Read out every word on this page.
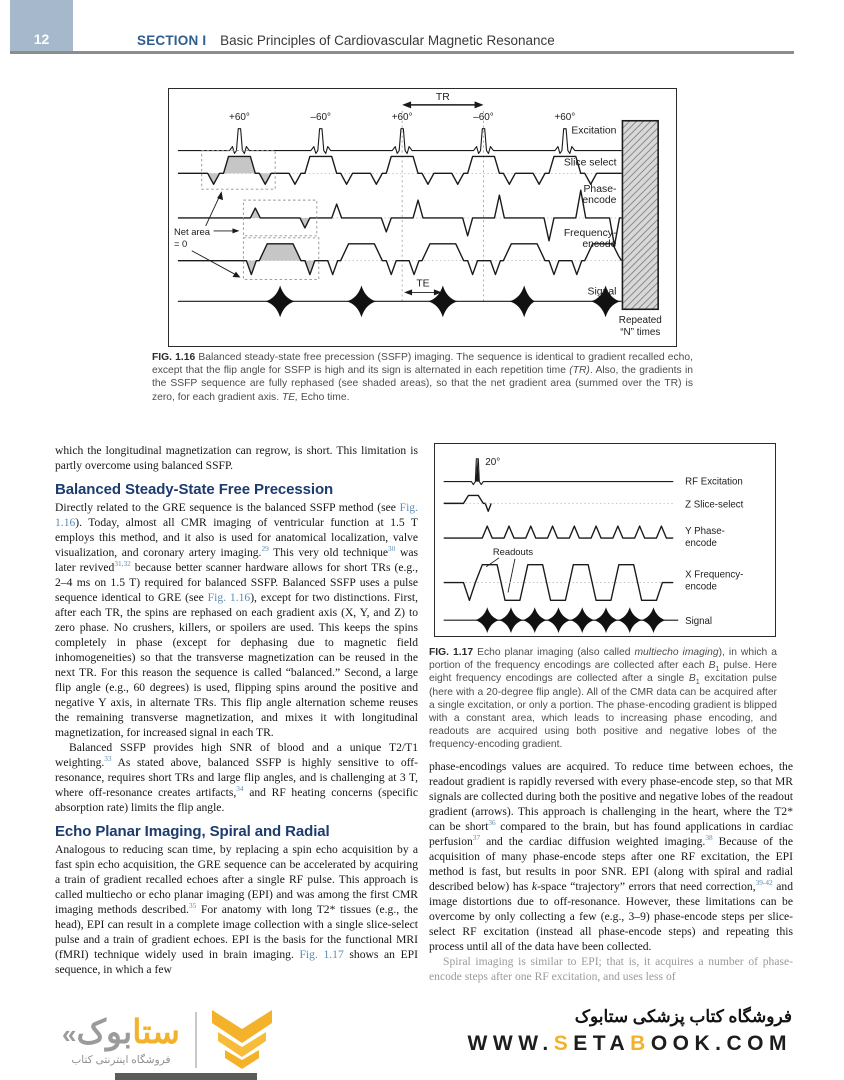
12	SECTION I Basic Principles of Cardiovascular Magnetic Resonance
TR
+60°	–60°	+60°	–60°	+60°
Net area
= 0
TE
Excitation
Slice select
Phase-
encode
Frequency-
encode
Signal
Repeated
“N” times
FIG. 1.16 Balanced steady-state free precession (SSFP) imaging. The sequence is identical to gradient recalled echo, except that the flip angle for SSFP is high and its sign is alternated in each repetition time (TR). Also, the gradients in the SSFP sequence are fully rephased (see shaded areas), so that the net gradient area (summed over the TR) is zero, for each gradient axis. TE, Echo time.

which the longitudinal magnetization can regrow, is short. This limitation is partly overcome using balanced SSFP.

Balanced Steady-State Free Precession

Directly related to the GRE sequence is the balanced SSFP method (see Fig. 1.16). Today, almost all CMR imaging of ventricular function at 1.5 T employs this method, and it also is used for anatomical localization, valve visualization, and coronary artery imaging.$^{29}$ This very old technique$^{30}$ was later revived$^{31,32}$ because better scanner hardware allows for short TRs (e.g., 2–4 ms on 1.5 T) required for balanced SSFP. Balanced SSFP uses a pulse sequence identical to GRE (see Fig. 1.16), except for two distinctions. First, after each TR, the spins are rephased on each gradient axis (X, Y, and Z) to zero phase. No crushers, killers, or spoilers are used. This keeps the spins completely in phase (except for dephasing due to magnetic field inhomogeneities) so that the transverse magnetization can be reused in the next TR. For this reason the sequence is called “balanced.” Second, a large flip angle (e.g., 60 degrees) is used, flipping spins around the positive and negative Y axis, in alternate TRs. This flip angle alternation scheme reuses the remaining transverse magnetization, and mixes it with longitudinal magnetization, for increased signal in each TR.

Balanced SSFP provides high SNR of blood and a unique T2/T1 weighting.$^{33}$ As stated above, balanced SSFP is highly sensitive to off-resonance, requires short TRs and large flip angles, and is challenging at 3 T, where off-resonance creates artifacts,$^{34}$ and RF heating concerns (specific absorption rate) limits the flip angle.

Echo Planar Imaging, Spiral and Radial

Analogous to reducing scan time, by replacing a spin echo acquisition by a fast spin echo acquisition, the GRE sequence can be accelerated by acquiring a train of gradient recalled echoes after a single RF pulse. This approach is called multiecho or echo planar imaging (EPI) and was among the first CMR imaging methods described.$^{35}$ For anatomy with long T2* tissues (e.g., the head), EPI can result in a complete image collection with a single slice-select pulse and a train of gradient echoes. EPI is the basis for the functional MRI (fMRI) technique widely used in brain imaging. Fig. 1.17 shows an EPI sequence, in which a few

20°
Readouts
RF Excitation
Z Slice-select
Y Phase-
encode
X Frequency-
encode
Signal
FIG. 1.17 Echo planar imaging (also called multiecho imaging), in which a portion of the frequency encodings are collected after each $B_1$ pulse. Here eight frequency encodings are collected after a single $B_1$ excitation pulse (here with a 20-degree flip angle). All of the CMR data can be acquired after a single excitation, or only a portion. The phase-encoding gradient is blipped with a constant area, which leads to increasing phase encoding, and readouts are acquired using both positive and negative lobes of the frequency-encoding gradient.

phase-encodings values are acquired. To reduce time between echoes, the readout gradient is rapidly reversed with every phase-encode step, so that MR signals are collected during both the positive and negative lobes of the readout gradient (arrows). This approach is challenging in the heart, where the T2* can be short$^{36}$ compared to the brain, but has found applications in cardiac perfusion$^{37}$ and the cardiac diffusion weighted imaging.$^{38}$ Because of the acquisition of many phase-encode steps after one RF excitation, the EPI method is fast, but results in poor SNR. EPI (along with spiral and radial described below) has k-space “trajectory” errors that need correction,$^{39-42}$ and image distortions due to off-resonance. However, these limitations can be overcome by only collecting a few (e.g., 3–9) phase-encode steps per slice-select RF excitation (instead all phase-encode steps) and repeating this process until all of the data have been collected.

Spiral imaging is similar to EPI; that is, it acquires a number of phase-encode steps after one RF excitation, and uses less of

ستابوک«
فروشگاه اینترنتی کتاب
فروشگاه کتاب پزشکی ستابوک
WWW.SETABOOK.COM
